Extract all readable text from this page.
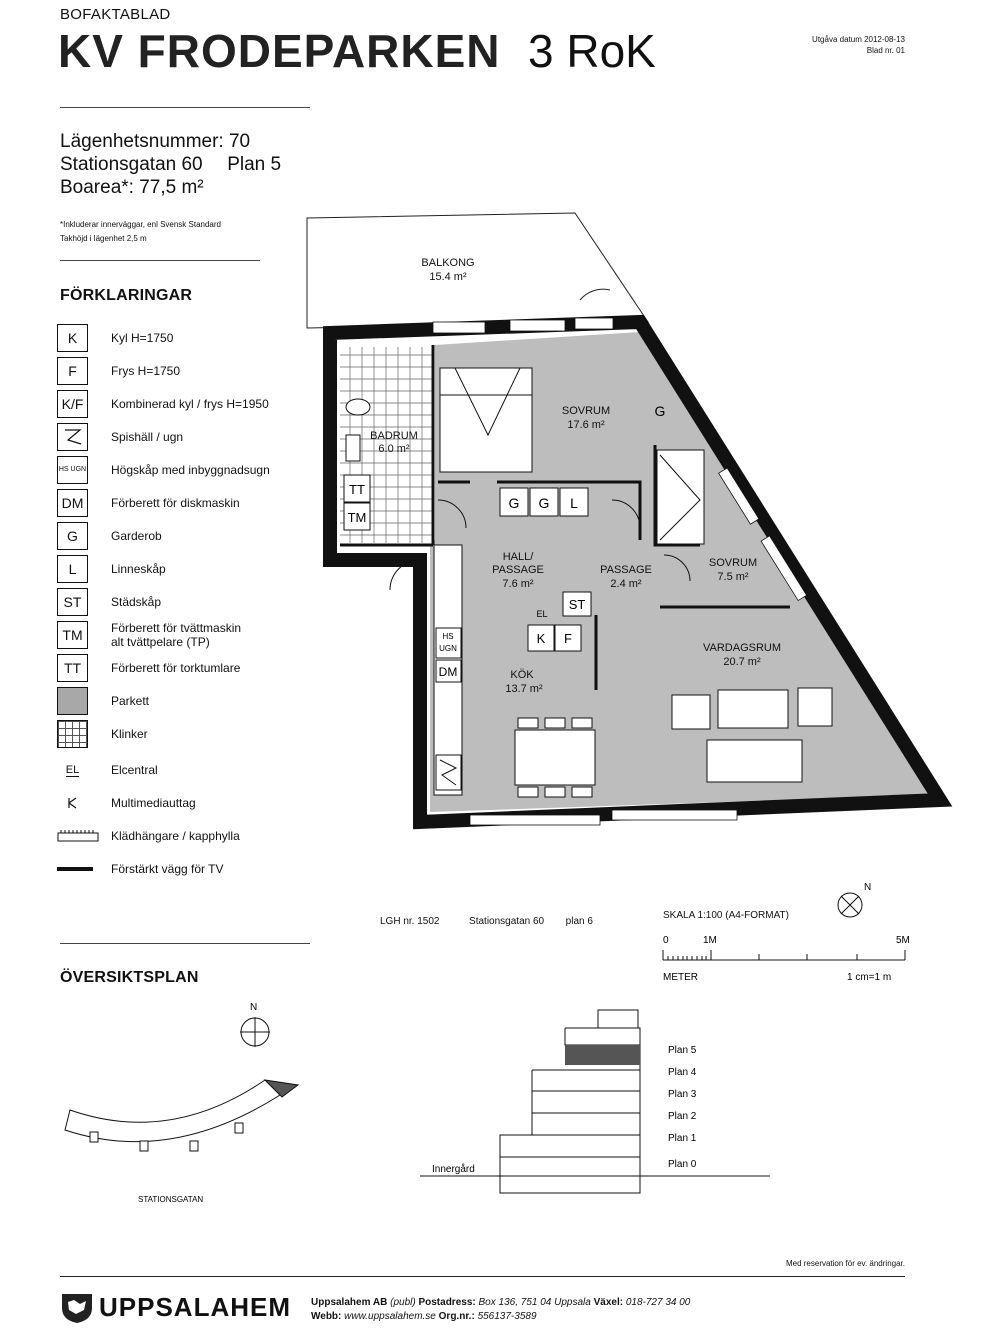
BOFAKTABLAD
KV FRODEPARKEN 3 RoK	Utgåva datum 2012-08-13
Blad nr. 01
Lägenhetsnummer: 70
Stationsgatan 60 Plan 5
Boarea*: 77,5 m²
*Inkluderar innerväggar, enl Svensk Standard
Takhöjd i lägenhet 2,5 m
FÖRKLARINGAR
K	Kyl H=1750
F	Frys H=1750
K/F	Kombinerad kyl / frys H=1950
Spishäll / ugn
HS UGN Högskåp med inbyggnadsugn
DM	Förberett för diskmaskin
G	Garderob
L	Linneskåp
ST	Städskåp
TM	Förberett för tvättmaskin
alt tvättpelare (TP)
TT	Förberett för torktumlare
Parkett
Klinker
EL	Elcentral
Multimediauttag
Klädhängare / kapphylla
Förstärkt vägg för TV
G G L
G
TT
TM
K F
ST
HS
UGN
DM
EL
BALKONG
15.4 m²
SOVRUM
17.6 m²
BADRUM
6.0 m²
HALL/
PASSAGE
7.6 m²
PASSAGE
2.4 m²
SOVRUM
7.5 m²
VARDAGSRUM
20.7 m²
KÖK
13.7 m²
LGH nr. 1502	Stationsgatan 60 plan 6
SKALA 1:100 (A4-FORMAT)
0	1M	5M
METER	1 cm=1 m
N
ÖVERSIKTSPLAN
N
STATIONSGATAN
Innergård
Plan 5
Plan 4
Plan 3
Plan 2
Plan 1
Plan 0
Med reservation för ev. ändringar.
UPPSALAHEM Uppsalahem AB (publ) Postadress: Box 136, 751 04 Uppsala Växel: 018-727 34 00
Webb: www.uppsalahem.se Org.nr.: 556137-3589
